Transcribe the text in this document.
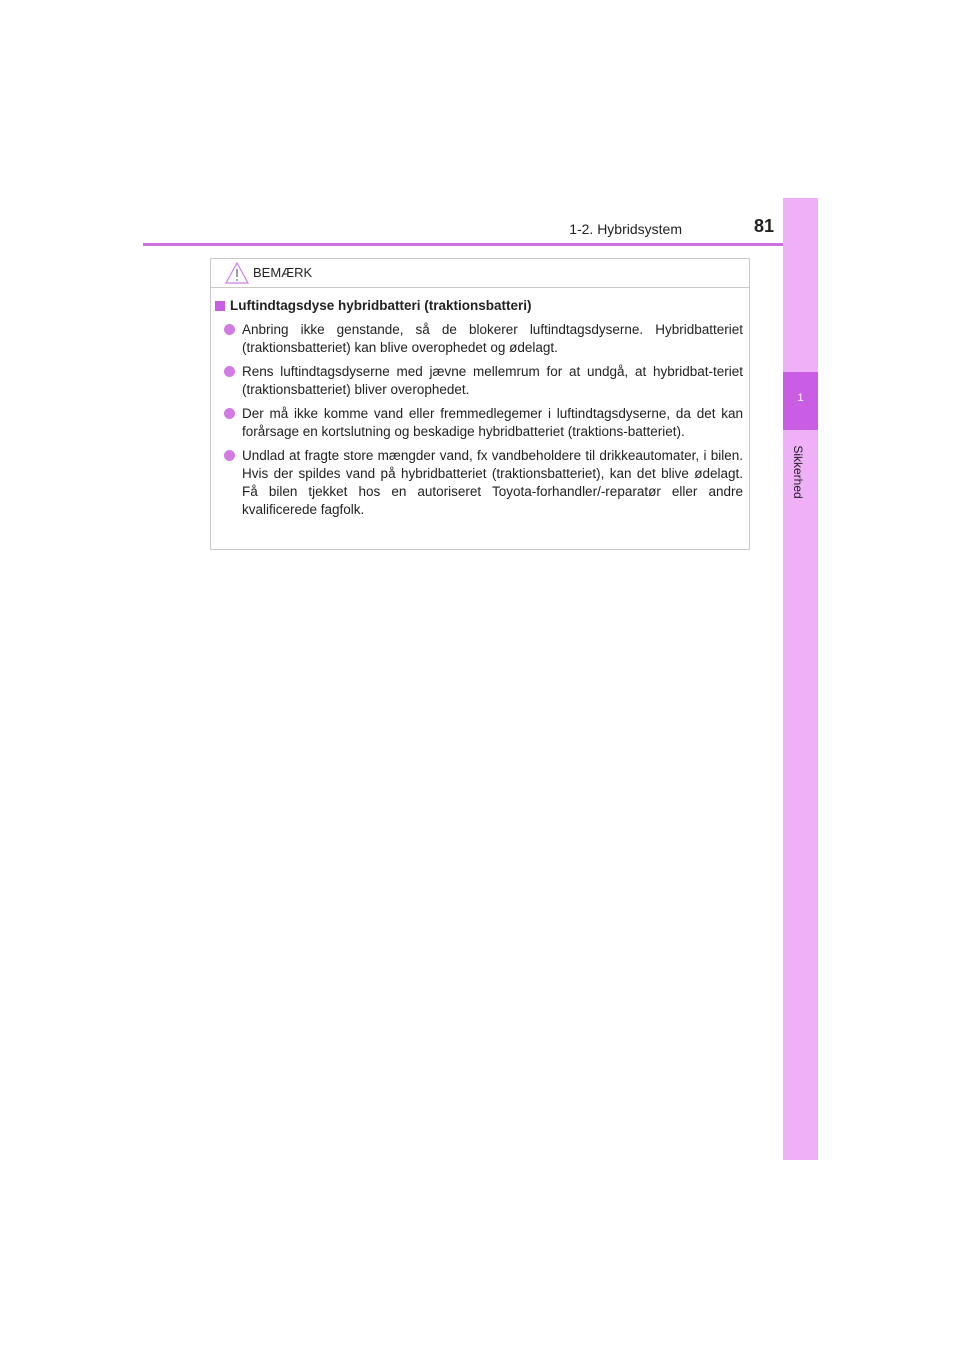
1-2. Hybridsystem	81
1
Sikkerhed
BEMÆRK
Luftindtagsdyse hybridbatteri (traktionsbatteri)
Anbring ikke genstande, så de blokerer luftindtagsdyserne. Hybridbatteriet (traktionsbatteriet) kan blive overophedet og ødelagt.
Rens luftindtagsdyserne med jævne mellemrum for at undgå, at hybridbat-teriet (traktionsbatteriet) bliver overophedet.
Der må ikke komme vand eller fremmedlegemer i luftindtagsdyserne, da det kan forårsage en kortslutning og beskadige hybridbatteriet (traktions-batteriet).
Undlad at fragte store mængder vand, fx vandbeholdere til drikkeautomater, i bilen. Hvis der spildes vand på hybridbatteriet (traktionsbatteriet), kan det blive ødelagt. Få bilen tjekket hos en autoriseret Toyota-forhandler/-reparatør eller andre kvalificerede fagfolk.
